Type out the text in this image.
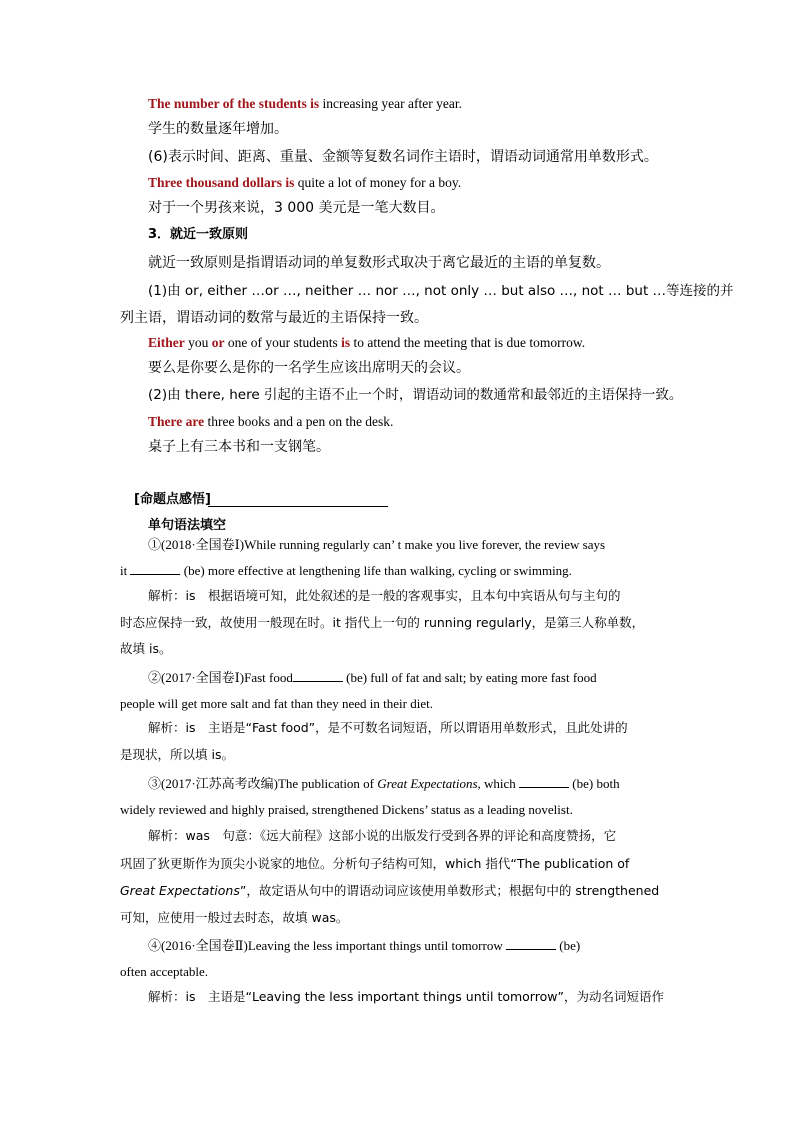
The number of the students is increasing year after year.
学生的数量逐年增加。
(6)表示时间、距离、重量、金额等复数名词作主语时，谓语动词通常用单数形式。
Three thousand dollars is quite a lot of money for a boy.
对于一个男孩来说，3 000 美元是一笔大数目。
3．就近一致原则
就近一致原则是指谓语动词的单复数形式取决于离它最近的主语的单复数。
(1)由 or, either …or …, neither … nor …, not only … but also …, not … but …等连接的并
列主语，谓语动词的数常与最近的主语保持一致。
Either you or one of your students is to attend the meeting that is due tomorrow.
要么是你要么是你的一名学生应该出席明天的会议。
(2)由 there, here 引起的主语不止一个时，谓语动词的数通常和最邻近的主语保持一致。
There are three books and a pen on the desk.
桌子上有三本书和一支钢笔。
[命题点感悟]
单句语法填空
①(2018·全国卷Ⅰ)While running regularly can’ t make you live forever, the review says
it	(be) more effective at lengthening life than walking, cycling or swimming.
解析：is　根据语境可知，此处叙述的是一般的客观事实，且本句中宾语从句与主句的
时态应保持一致，故使用一般现在时。it 指代上一句的 running regularly，是第三人称单数，
故填 is。
②(2017·全国卷Ⅰ)Fast food	(be) full of fat and salt; by eating more fast food
people will get more salt and fat than they need in their diet.
解析：is　主语是“Fast food”，是不可数名词短语，所以谓语用单数形式，且此处讲的
是现状，所以填 is。
③(2017·江苏高考改编)The publication of Great Expectations, which	(be) both
widely reviewed and highly praised, strengthened Dickens’ status as a leading novelist.
解析：was　句意：《远大前程》这部小说的出版发行受到各界的评论和高度赞扬，它
巩固了狄更斯作为顶尖小说家的地位。分析句子结构可知，which 指代“The publication of
Great Expectations”，故定语从句中的谓语动词应该使用单数形式；根据句中的 strengthened
可知，应使用一般过去时态，故填 was。
④(2016·全国卷Ⅱ)Leaving the less important things until tomorrow	(be)
often acceptable.
解析：is　主语是“Leaving the less important things until tomorrow”，为动名词短语作
